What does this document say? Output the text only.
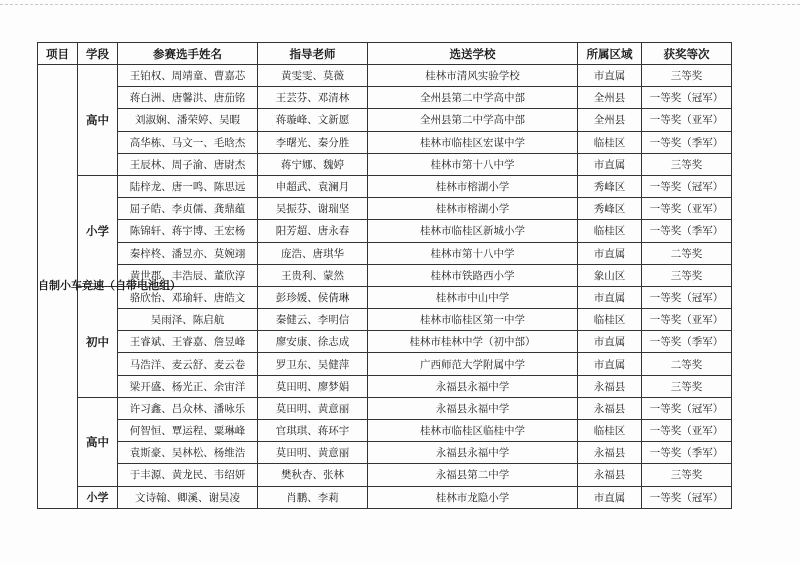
项目	学段	参赛选手姓名	指导老师	选送学校	所属区域	获奖等次
自制小车竞速（自带电池组）	高中	王铂权、周靖童、曹嘉芯	黄雯雯、莫薇	桂林市清风实验学校	市直属	三等奖
		蒋白洲、唐馨洪、唐茄铭	王芸芬、邓清林	全州县第二中学高中部	全州县	一等奖（冠军）
		刘淑娴、潘荣婷、吴暇	蒋璇峰、文新愿	全州县第二中学高中部	全州县	一等奖（亚军）
		高华栋、马文一、毛晗杰	李曙光、秦分胜	桂林市临桂区宏谋中学	临桂区	一等奖（季军）
		王辰林、周子渝、唐尉杰	蒋宁娜、魏婷	桂林市第十八中学	市直属	三等奖
	小学	陆梓龙、唐一鸣、陈思远	申超武、袁澜月	桂林市榕湖小学	秀峰区	一等奖（冠军）
		屈子皓、李贞儒、龚鼎蕴	吴振芬、谢瑞坚	桂林市榕湖小学	秀峰区	一等奖（亚军）
		陈锦轩、蒋宇博、王宏杨	阳芳超、唐永春	桂林市临桂区新城小学	临桂区	一等奖（季军）
		秦梓柊、潘昱亦、莫婉翊	庞浩、唐琪华	桂林市第十八中学	市直属	二等奖
		黄世郡、丰浩辰、董欣淳	王贵利、蒙然	桂林市铁路西小学	象山区	三等奖
	初中	骆欣怡、邓瑜轩、唐皓文	彭珍媛、侯倩琳	桂林市中山中学	市直属	一等奖（冠军）
		吴雨泽、陈启航	秦健云、李明信	桂林市临桂区第一中学	临桂区	一等奖（亚军）
		王睿斌、王睿嘉、詹昱峰	廖安康、徐志成	桂林市桂林中学（初中部）	市直属	一等奖（季军）
		马浩洋、麦云舒、麦云卷	罗卫东、吴健萍	广西师范大学附属中学	市直属	二等奖
		梁开盛、杨光正、余宙洋	莫田明、廖梦娟	永福县永福中学	永福县	三等奖
	高中	许习鑫、吕众林、潘咏乐	莫田明、黄意丽	永福县永福中学	永福县	一等奖（冠军）
		何智恒、覃运程、粟琳峰	官琪琪、蒋环宇	桂林市临桂区临桂中学	临桂区	一等奖（亚军）
		袁斯豪、吴林松、杨维浩	莫田明、黄意丽	永福县永福中学	永福县	一等奖（季军）
		于丰源、黄龙民、韦绍妍	樊秋杏、张林	永福县第二中学	永福县	三等奖
	小学	文诗翰、卿溪、谢昊凌	肖鹏、李莉	桂林市龙隐小学	市直属	一等奖（冠军）
